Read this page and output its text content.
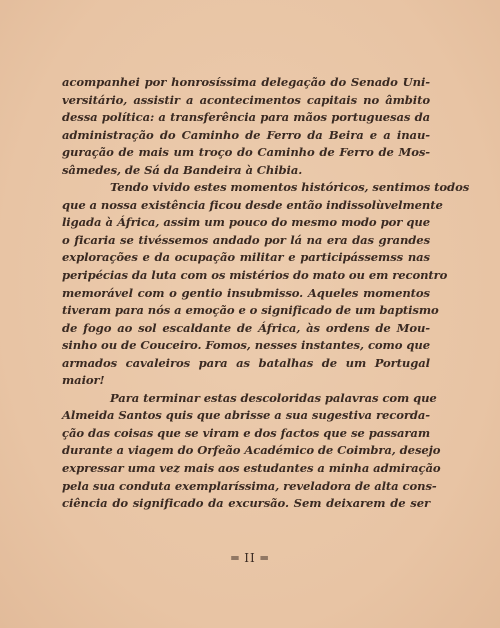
acompanhei por honrosíssima delegação do Senado Uni-
versitário, assistir a acontecimentos capitais no âmbito
dessa política: a transferência para mãos portuguesas da
administração do Caminho de Ferro da Beira e a inau-
guração de mais um troço do Caminho de Ferro de Mos-
sâmedes, de Sá da Bandeira à Chibia.
Tendo vivido estes momentos históricos, sentimos todos
que a nossa existência ficou desde então indissolùvelmente
ligada à África, assim um pouco do mesmo modo por que
o ficaria se tivéssemos andado por lá na era das grandes
explorações e da ocupação militar e participássemss nas
peripécias da luta com os mistérios do mato ou em recontro
memorável com o gentio insubmisso. Aqueles momentos
tiveram para nós a emoção e o significado de um baptismo
de fogo ao sol escaldante de África, às ordens de Mou-
sinho ou de Couceiro. Fomos, nesses instantes, como que
armados cavaleiros para as batalhas de um Portugal
maior!
Para terminar estas descoloridas palavras com que
Almeida Santos quis que abrisse a sua sugestiva recorda-
ção das coisas que se viram e dos factos que se passaram
durante a viagem do Orfeão Académico de Coimbra, desejo
expressar uma vez mais aos estudantes a minha admiração
pela sua conduta exemplaríssima, reveladora de alta cons-
ciência do significado da excursão. Sem deixarem de ser
═ II ═
